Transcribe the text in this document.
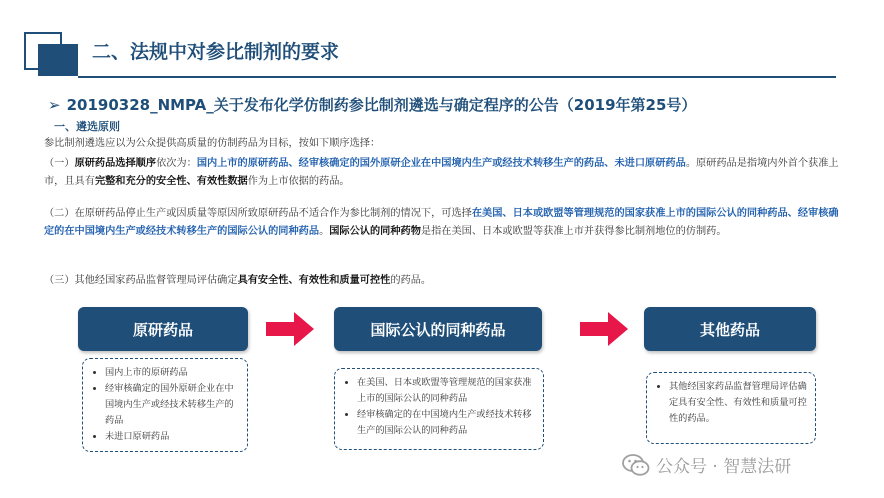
二、法规中对参比制剂的要求
➢ 20190328_NMPA_关于发布化学仿制药参比制剂遴选与确定程序的公告（2019年第25号）
一、遴选原则
参比制剂遴选应以为公众提供高质量的仿制药品为目标，按如下顺序选择：
（一）原研药品选择顺序依次为：国内上市的原研药品、经审核确定的国外原研企业在中国境内生产或经技术转移生产的药品、未进口原研药品。原研药品是指境内外首个获准上市，且具有完整和充分的安全性、有效性数据作为上市依据的药品。
（二）在原研药品停止生产或因质量等原因所致原研药品不适合作为参比制剂的情况下，可选择在美国、日本或欧盟等管理规范的国家获准上市的国际公认的同种药品、经审核确定的在中国境内生产或经技术转移生产的国际公认的同种药品。国际公认的同种药物是指在美国、日本或欧盟等获准上市并获得参比制剂地位的仿制药。
（三）其他经国家药品监督管理局评估确定具有安全性、有效性和质量可控性的药品。
原研药品	国际公认的同种药品	其他药品
• 国内上市的原研药品
• 经审核确定的国外原研企业在中国境内生产或经技术转移生产的药品
• 未进口原研药品
• 在美国、日本或欧盟等管理规范的国家获准上市的国际公认的同种药品
• 经审核确定的在中国境内生产或经技术转移生产的国际公认的同种药品
• 其他经国家药品监督管理局评估确定具有安全性、有效性和质量可控性的药品。
公众号 · 智慧法研
